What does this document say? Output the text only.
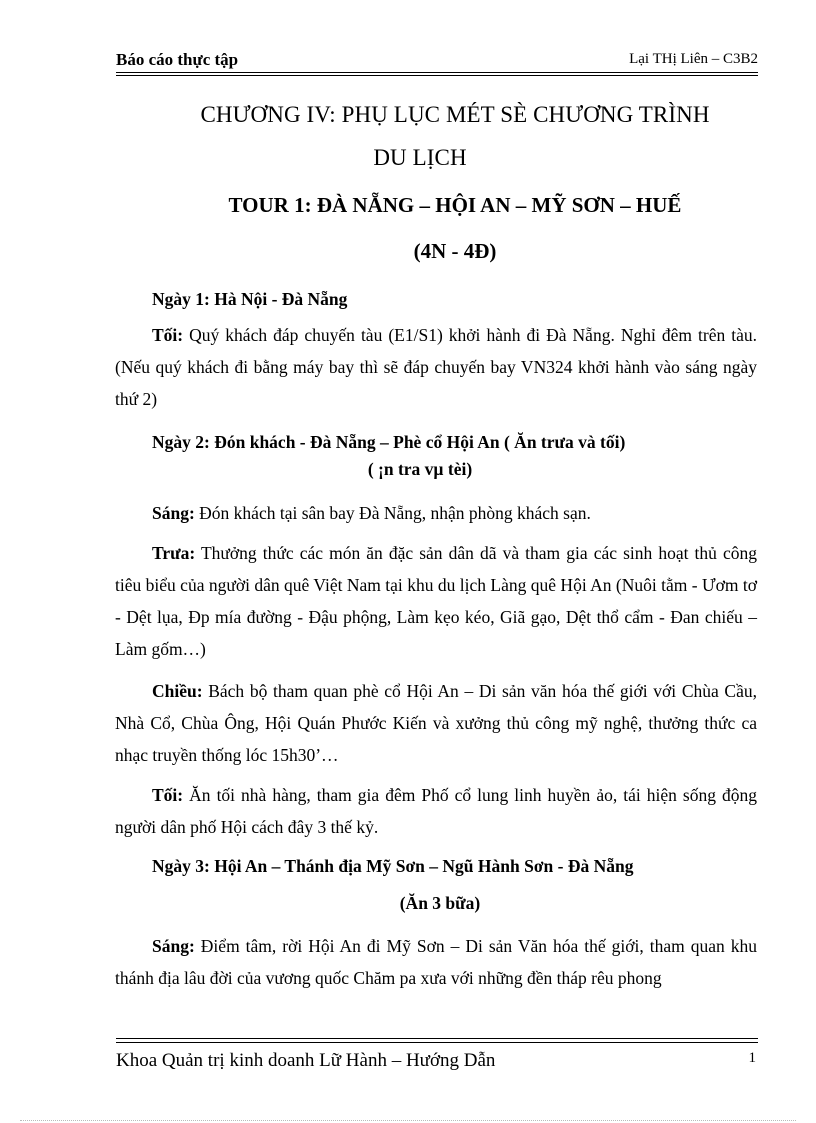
Báo cáo thực tập	Lại THị Liên – C3B2
CHƯƠNG IV: PHỤ LỤC MÉT SÈ CHƯƠNG TRÌNH
DU LỊCH
TOUR 1: ĐÀ NẴNG – HỘI AN – MỸ SƠN – HUẾ
(4N - 4Đ)
Ngày 1: Hà Nội - Đà Nẵng
Tối: Quý khách đáp chuyến tàu (E1/S1) khởi hành đi Đà Nẵng. Nghỉ đêm trên tàu. (Nếu quý khách đi bằng máy bay thì sẽ đáp chuyến bay VN324 khởi hành vào sáng ngày thứ 2)
Ngày 2: Đón khách - Đà Nẵng – Phè cổ Hội An ( Ăn trưa và tối)
( ¡n tra vµ tèi)
Sáng: Đón khách tại sân bay Đà Nẵng, nhận phòng khách sạn.
Trưa: Thưởng thức các món ăn đặc sản dân dã và tham gia các sinh hoạt thủ công tiêu biểu của người dân quê Việt Nam tại khu du lịch Làng quê Hội An (Nuôi tằm - Ươm tơ - Dệt lụa, Đp mía đường - Đậu phộng, Làm kẹo kéo, Giã gạo, Dệt thổ cẩm - Đan chiếu – Làm gốm…)
Chiều: Bách bộ tham quan phè cổ Hội An – Di sản văn hóa thế giới với Chùa Cầu, Nhà Cổ, Chùa Ông, Hội Quán Phước Kiến và xưởng thủ công mỹ nghệ, thưởng thức ca nhạc truyền thống lóc 15h30’…
Tối: Ăn tối nhà hàng, tham gia đêm Phố cổ lung linh huyền ảo, tái hiện sống động người dân phố Hội cách đây 3 thế kỷ.
Ngày 3: Hội An – Thánh địa Mỹ Sơn – Ngũ Hành Sơn - Đà Nẵng
(Ăn 3 bữa)
Sáng: Điểm tâm, rời Hội An đi Mỹ Sơn – Di sản Văn hóa thế giới, tham quan khu thánh địa lâu đời của vương quốc Chăm pa xưa với những đền tháp rêu phong
Khoa Quản trị kinh doanh Lữ Hành – Hướng Dẫn	1
